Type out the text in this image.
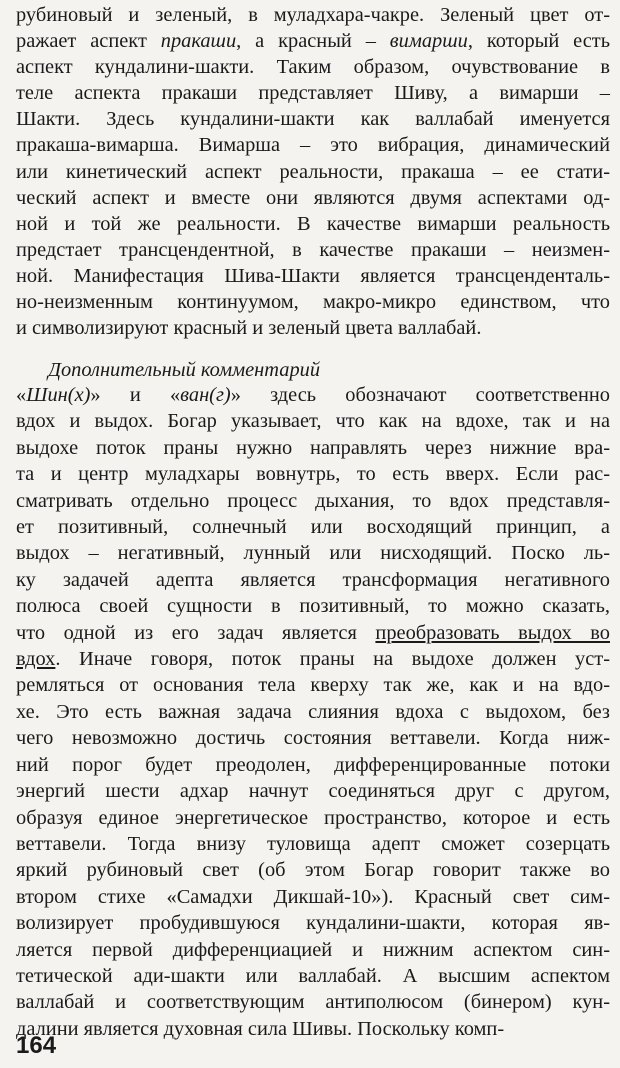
рубиновый и зеленый, в муладхара-чакре. Зеленый цвет от-
ражает аспект пракаши, а красный – вимарши, который есть
аспект кундалини-шакти. Таким образом, очувствование в
теле аспекта пракаши представляет Шиву, а вимарши –
Шакти. Здесь кундалини-шакти как валлабай именуется
пракаша-вимарша. Вимарша – это вибрация, динамический
или кинетический аспект реальности, пракаша – ее стати-
ческий аспект и вместе они являются двумя аспектами од-
ной и той же реальности. В качестве вимарши реальность
предстает трансцендентной, в качестве пракаши – неизмен-
ной. Манифестация Шива-Шакти является трансценденталь-
но-неизменным континуумом, макро-микро единством, что
и символизируют красный и зеленый цвета валлабай.
Дополнительный комментарий
«Шин(х)» и «ван(г)» здесь обозначают соответственно
вдох и выдох. Богар указывает, что как на вдохе, так и на
выдохе поток праны нужно направлять через нижние вра-
та и центр муладхары вовнутрь, то есть вверх. Если рас-
сматривать отдельно процесс дыхания, то вдох представля-
ет позитивный, солнечный или восходящий принцип, а
выдох – негативный, лунный или нисходящий. Поско ль-
ку задачей адепта является трансформация негативного
полюса своей сущности в позитивный, то можно сказать,
что одной из его задач является преобразовать выдох во
вдох. Иначе говоря, поток праны на выдохе должен уст-
ремляться от основания тела кверху так же, как и на вдо-
хе. Это есть важная задача слияния вдоха с выдохом, без
чего невозможно достичь состояния веттавели. Когда ниж-
ний порог будет преодолен, дифференцированные потоки
энергий шести адхар начнут соединяться друг с другом,
образуя единое энергетическое пространство, которое и есть
веттавели. Тогда внизу туловища адепт сможет созерцать
яркий рубиновый свет (об этом Богар говорит также во
втором стихе «Самадхи Дикшай-10»). Красный свет сим-
волизирует пробудившуюся кундалини-шакти, которая яв-
ляется первой дифференциацией и нижним аспектом син-
тетической ади-шакти или валлабай. А высшим аспектом
валлабай и соответствующим антиполюсом (бинером) кун-
далини является духовная сила Шивы. Поскольку комп-
164
